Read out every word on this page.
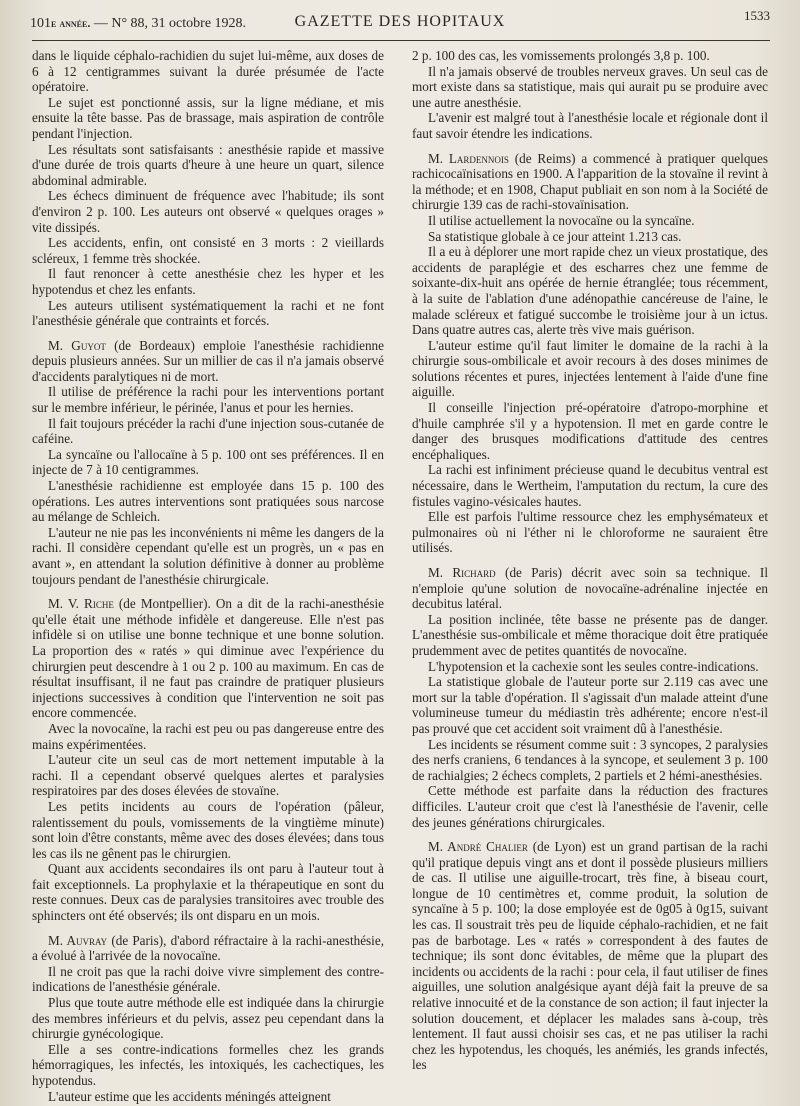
101e année. — N° 88, 31 octobre 1928.	GAZETTE DES HOPITAUX	1533

dans le liquide céphalo-rachidien du sujet lui-même, aux doses de 6 à 12 centigrammes suivant la durée présumée de l'acte opératoire.

Le sujet est ponctionné assis, sur la ligne médiane, et mis ensuite la tête basse. Pas de brassage, mais aspiration de contrôle pendant l'injection.

Les résultats sont satisfaisants : anesthésie rapide et massive d'une durée de trois quarts d'heure à une heure un quart, silence abdominal admirable.

Les échecs diminuent de fréquence avec l'habitude; ils sont d'environ 2 p. 100. Les auteurs ont observé « quelques orages » vite dissipés.

Les accidents, enfin, ont consisté en 3 morts : 2 vieillards scléreux, 1 femme très shockée.

Il faut renoncer à cette anesthésie chez les hyper et les hypotendus et chez les enfants.

Les auteurs utilisent systématiquement la rachi et ne font l'anesthésie générale que contraints et forcés.

M. Guyot (de Bordeaux) emploie l'anesthésie rachidienne depuis plusieurs années. Sur un millier de cas il n'a jamais observé d'accidents paralytiques ni de mort.

Il utilise de préférence la rachi pour les interventions portant sur le membre inférieur, le périnée, l'anus et pour les hernies.

Il fait toujours précéder la rachi d'une injection sous-cutanée de caféine.

La syncaïne ou l'allocaïne à 5 p. 100 ont ses préférences. Il en injecte de 7 à 10 centigrammes.

L'anesthésie rachidienne est employée dans 15 p. 100 des opérations. Les autres interventions sont pratiquées sous narcose au mélange de Schleich.

L'auteur ne nie pas les inconvénients ni même les dangers de la rachi. Il considère cependant qu'elle est un progrès, un « pas en avant », en attendant la solution définitive à donner au problème toujours pendant de l'anesthésie chirurgicale.

M. V. Riche (de Montpellier). On a dit de la rachi-anesthésie qu'elle était une méthode infidèle et dangereuse. Elle n'est pas infidèle si on utilise une bonne technique et une bonne solution. La proportion des « ratés » qui diminue avec l'expérience du chirurgien peut descendre à 1 ou 2 p. 100 au maximum. En cas de résultat insuffisant, il ne faut pas craindre de pratiquer plusieurs injections successives à condition que l'intervention ne soit pas encore commencée.

Avec la novocaïne, la rachi est peu ou pas dangereuse entre des mains expérimentées.

L'auteur cite un seul cas de mort nettement imputable à la rachi. Il a cependant observé quelques alertes et paralysies respiratoires par des doses élevées de stovaïne.

Les petits incidents au cours de l'opération (pâleur, ralentissement du pouls, vomissements de la vingtième minute) sont loin d'être constants, même avec des doses élevées; dans tous les cas ils ne gênent pas le chirurgien.

Quant aux accidents secondaires ils ont paru à l'auteur tout à fait exceptionnels. La prophylaxie et la thérapeutique en sont du reste connues. Deux cas de paralysies transitoires avec trouble des sphincters ont été observés; ils ont disparu en un mois.

M. Auvray (de Paris), d'abord réfractaire à la rachi-anesthésie, a évolué à l'arrivée de la novocaïne.

Il ne croit pas que la rachi doive vivre simplement des contre-indications de l'anesthésie générale.

Plus que toute autre méthode elle est indiquée dans la chirurgie des membres inférieurs et du pelvis, assez peu cependant dans la chirurgie gynécologique.

Elle a ses contre-indications formelles chez les grands hémorragiques, les infectés, les intoxiqués, les cachectiques, les hypotendus.

L'auteur estime que les accidents méningés atteignent

2 p. 100 des cas, les vomissements prolongés 3,8 p. 100.

Il n'a jamais observé de troubles nerveux graves. Un seul cas de mort existe dans sa statistique, mais qui aurait pu se produire avec une autre anesthésie.

L'avenir est malgré tout à l'anesthésie locale et régionale dont il faut savoir étendre les indications.

M. Lardennois (de Reims) a commencé à pratiquer quelques rachicocaïnisations en 1900. A l'apparition de la stovaïne il revint à la méthode; et en 1908, Chaput publiait en son nom à la Société de chirurgie 139 cas de rachi-stovaïnisation.

Il utilise actuellement la novocaïne ou la syncaïne.

Sa statistique globale à ce jour atteint 1.213 cas.

Il a eu à déplorer une mort rapide chez un vieux prostatique, des accidents de paraplégie et des escharres chez une femme de soixante-dix-huit ans opérée de hernie étranglée; tous récemment, à la suite de l'ablation d'une adénopathie cancéreuse de l'aine, le malade scléreux et fatigué succombe le troisième jour à un ictus. Dans quatre autres cas, alerte très vive mais guérison.

L'auteur estime qu'il faut limiter le domaine de la rachi à la chirurgie sous-ombilicale et avoir recours à des doses minimes de solutions récentes et pures, injectées lentement à l'aide d'une fine aiguille.

Il conseille l'injection pré-opératoire d'atropo-morphine et d'huile camphrée s'il y a hypotension. Il met en garde contre le danger des brusques modifications d'attitude des centres encéphaliques.

La rachi est infiniment précieuse quand le decubitus ventral est nécessaire, dans le Wertheim, l'amputation du rectum, la cure des fistules vagino-vésicales hautes.

Elle est parfois l'ultime ressource chez les emphysémateux et pulmonaires où ni l'éther ni le chloroforme ne sauraient être utilisés.

M. Richard (de Paris) décrit avec soin sa technique. Il n'emploie qu'une solution de novocaïne-adrénaline injectée en decubitus latéral.

La position inclinée, tête basse ne présente pas de danger. L'anesthésie sus-ombilicale et même thoracique doit être pratiquée prudemment avec de petites quantités de novocaïne.

L'hypotension et la cachexie sont les seules contre-indications.

La statistique globale de l'auteur porte sur 2.119 cas avec une mort sur la table d'opération. Il s'agissait d'un malade atteint d'une volumineuse tumeur du médiastin très adhérente; encore n'est-il pas prouvé que cet accident soit vraiment dû à l'anesthésie.

Les incidents se résument comme suit : 3 syncopes, 2 paralysies des nerfs craniens, 6 tendances à la syncope, et seulement 3 p. 100 de rachialgies; 2 échecs complets, 2 partiels et 2 hémi-anesthésies.

Cette méthode est parfaite dans la réduction des fractures difficiles. L'auteur croit que c'est là l'anesthésie de l'avenir, celle des jeunes générations chirurgicales.

M. André Chalier (de Lyon) est un grand partisan de la rachi qu'il pratique depuis vingt ans et dont il possède plusieurs milliers de cas. Il utilise une aiguille-trocart, très fine, à biseau court, longue de 10 centimètres et, comme produit, la solution de syncaïne à 5 p. 100; la dose employée est de 0g05 à 0g15, suivant les cas. Il soustrait très peu de liquide céphalo-rachidien, et ne fait pas de barbotage. Les « ratés » correspondent à des fautes de technique; ils sont donc évitables, de même que la plupart des incidents ou accidents de la rachi : pour cela, il faut utiliser de fines aiguilles, une solution analgésique ayant déjà fait la preuve de sa relative innocuité et de la constance de son action; il faut injecter la solution doucement, et déplacer les malades sans à-coup, très lentement. Il faut aussi choisir ses cas, et ne pas utiliser la rachi chez les hypotendus, les choqués, les anémiés, les grands infectés, les
